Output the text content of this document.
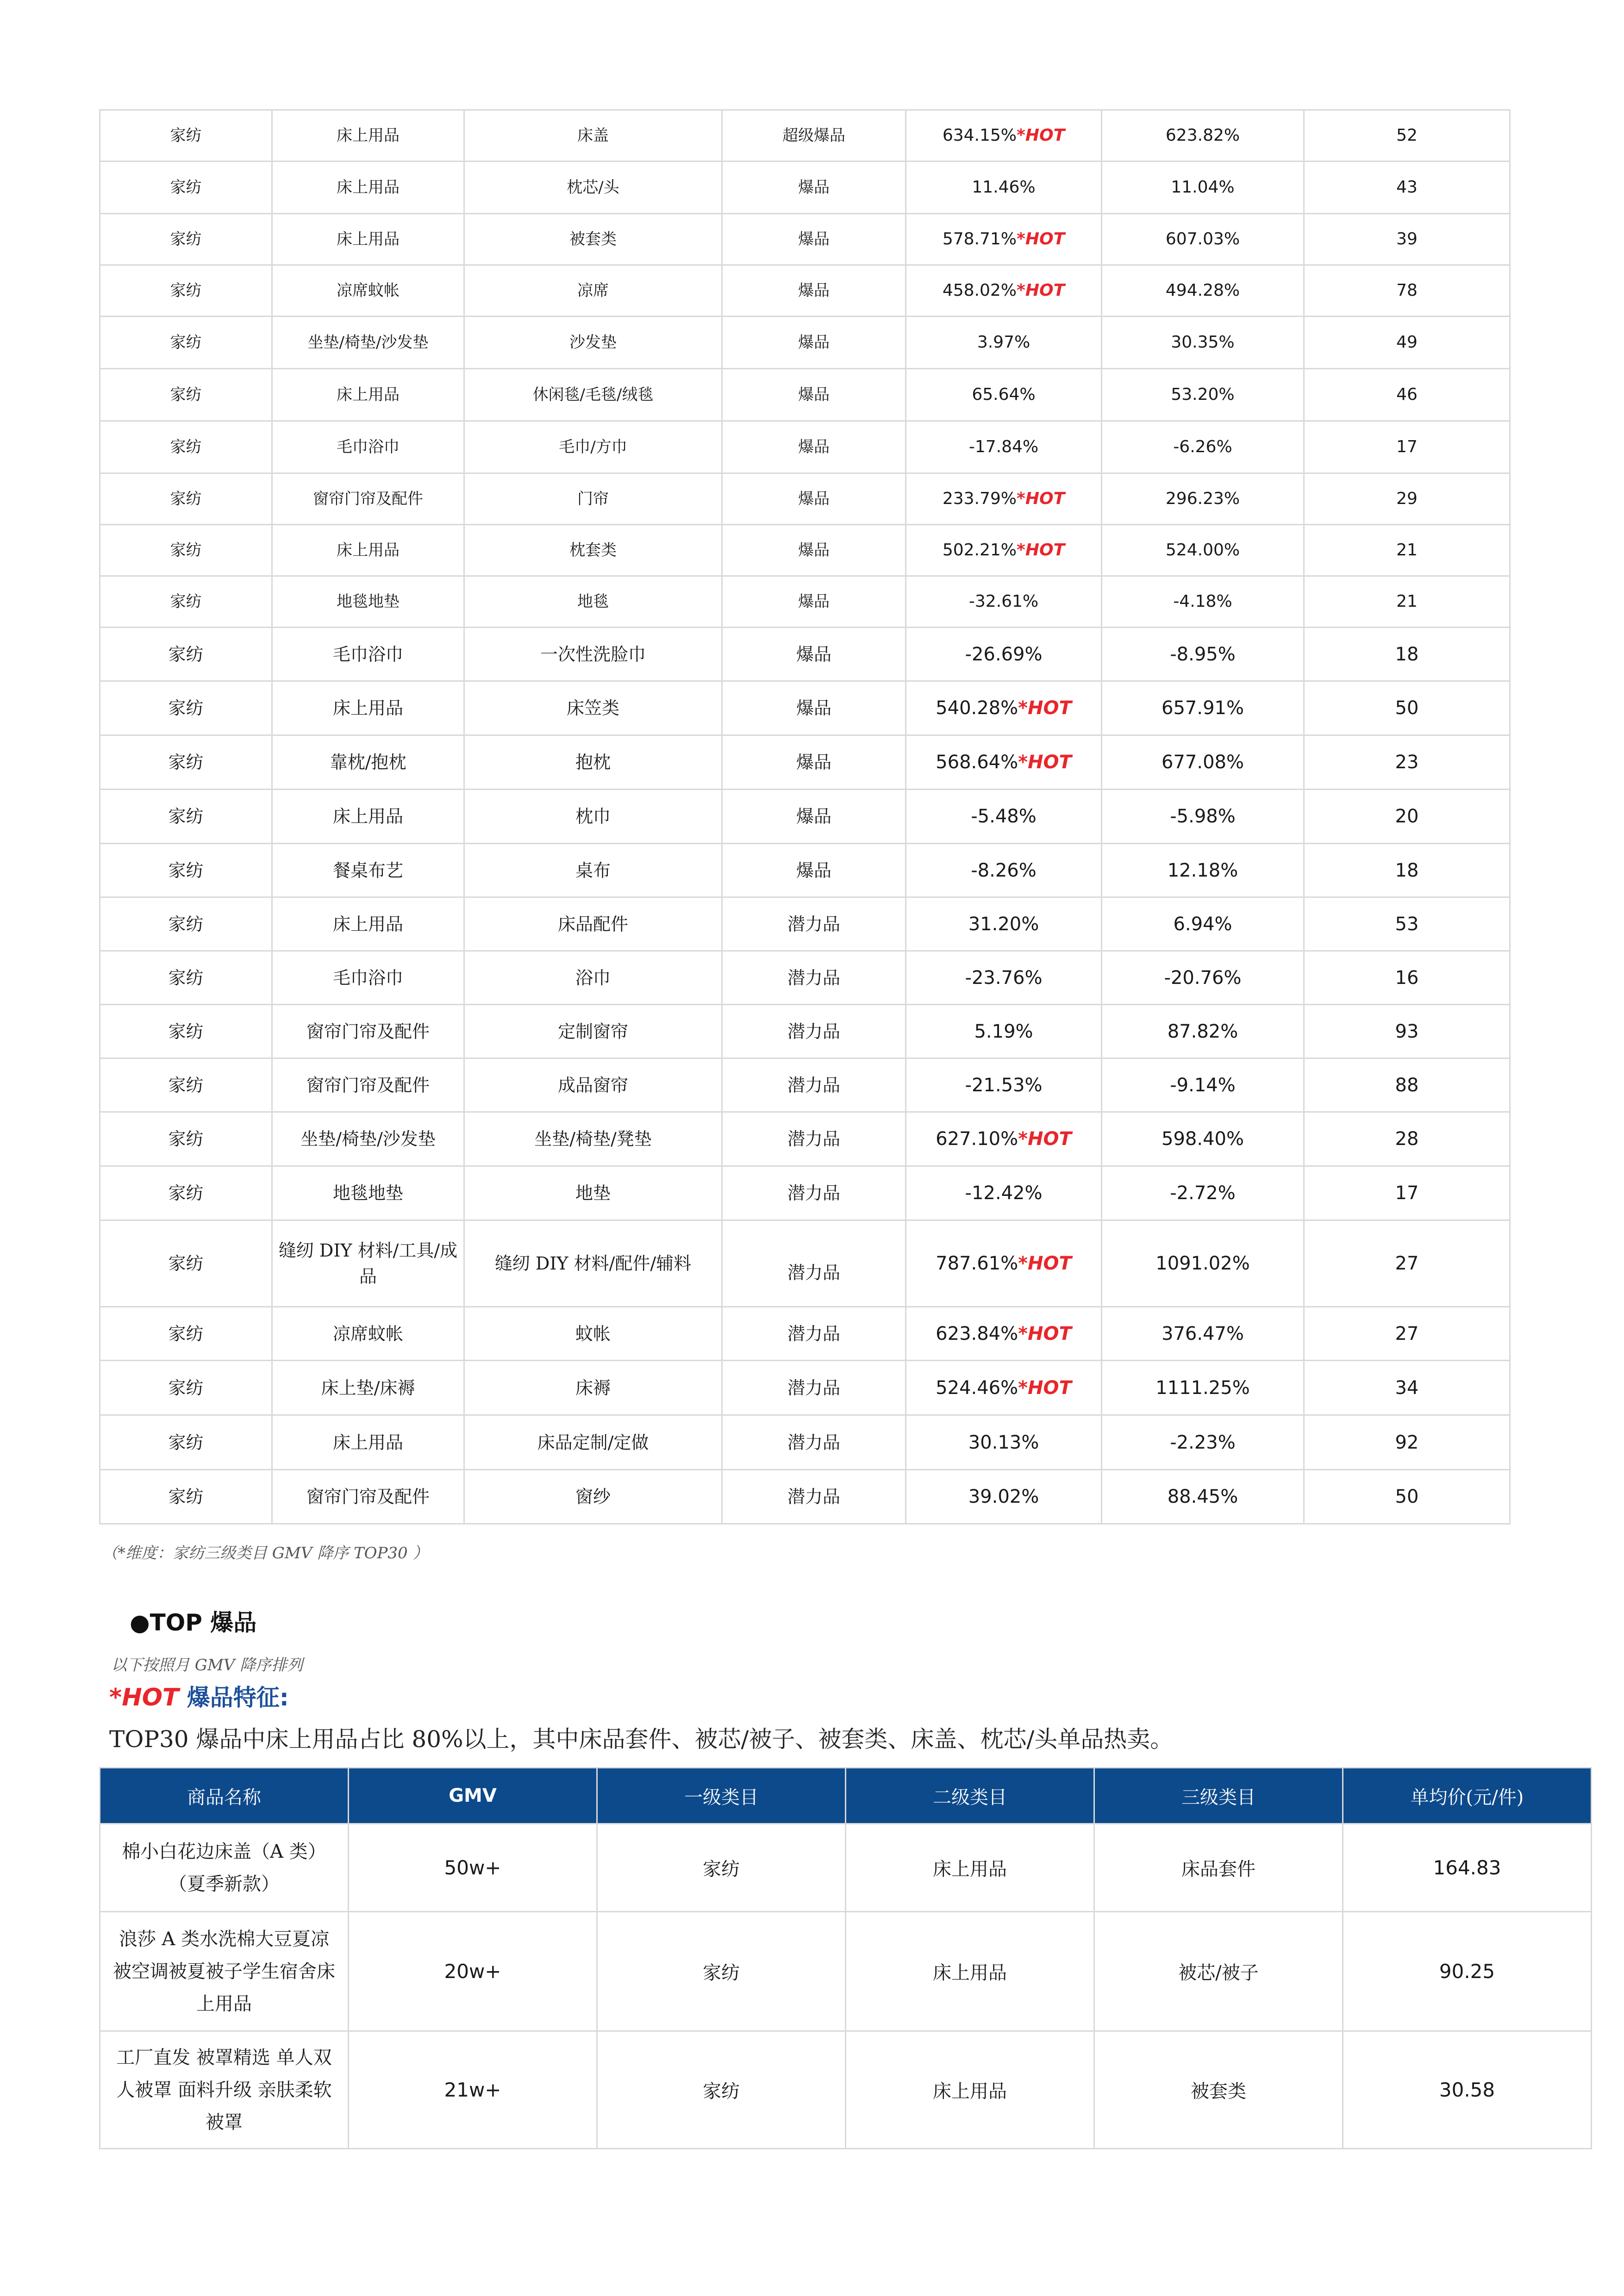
家纺	床上用品	床盖	超级爆品	634.15%*HOT	623.82%	52
家纺	床上用品	枕芯/头	爆品	11.46%	11.04%	43
家纺	床上用品	被套类	爆品	578.71%*HOT	607.03%	39
家纺	凉席蚊帐	凉席	爆品	458.02%*HOT	494.28%	78
家纺	坐垫/椅垫/沙发垫	沙发垫	爆品	3.97%	30.35%	49
家纺	床上用品	休闲毯/毛毯/绒毯	爆品	65.64%	53.20%	46
家纺	毛巾浴巾	毛巾/方巾	爆品	-17.84%	-6.26%	17
家纺	窗帘门帘及配件	门帘	爆品	233.79%*HOT	296.23%	29
家纺	床上用品	枕套类	爆品	502.21%*HOT	524.00%	21
家纺	地毯地垫	地毯	爆品	-32.61%	-4.18%	21
家纺	毛巾浴巾	一次性洗脸巾	爆品	-26.69%	-8.95%	18
家纺	床上用品	床笠类	爆品	540.28%*HOT	657.91%	50
家纺	靠枕/抱枕	抱枕	爆品	568.64%*HOT	677.08%	23
家纺	床上用品	枕巾	爆品	-5.48%	-5.98%	20
家纺	餐桌布艺	桌布	爆品	-8.26%	12.18%	18
家纺	床上用品	床品配件	潜力品	31.20%	6.94%	53
家纺	毛巾浴巾	浴巾	潜力品	-23.76%	-20.76%	16
家纺	窗帘门帘及配件	定制窗帘	潜力品	5.19%	87.82%	93
家纺	窗帘门帘及配件	成品窗帘	潜力品	-21.53%	-9.14%	88
家纺	坐垫/椅垫/沙发垫	坐垫/椅垫/凳垫	潜力品	627.10%*HOT	598.40%	28
家纺	地毯地垫	地垫	潜力品	-12.42%	-2.72%	17
家纺	缝纫 DIY 材料/工具/成品	缝纫 DIY 材料/配件/辅料	潜力品	787.61%*HOT	1091.02%	27
家纺	凉席蚊帐	蚊帐	潜力品	623.84%*HOT	376.47%	27
家纺	床上垫/床褥	床褥	潜力品	524.46%*HOT	1111.25%	34
家纺	床上用品	床品定制/定做	潜力品	30.13%	-2.23%	92
家纺	窗帘门帘及配件	窗纱	潜力品	39.02%	88.45%	50
（*维度：家纺三级类目 GMV 降序 TOP30 ）
●TOP 爆品
以下按照月 GMV 降序排列
*HOT 爆品特征:
TOP30 爆品中床上用品占比 80%以上，其中床品套件、被芯/被子、被套类、床盖、枕芯/头单品热卖。
商品名称	GMV	一级类目	二级类目	三级类目	单均价(元/件)
棉小白花边床盖（A 类）（夏季新款）	50w+	家纺	床上用品	床品套件	164.83
浪莎 A 类水洗棉大豆夏凉被空调被夏被子学生宿舍床上用品	20w+	家纺	床上用品	被芯/被子	90.25
工厂直发 被罩精选 单人双人被罩 面料升级 亲肤柔软被罩	21w+	家纺	床上用品	被套类	30.58
